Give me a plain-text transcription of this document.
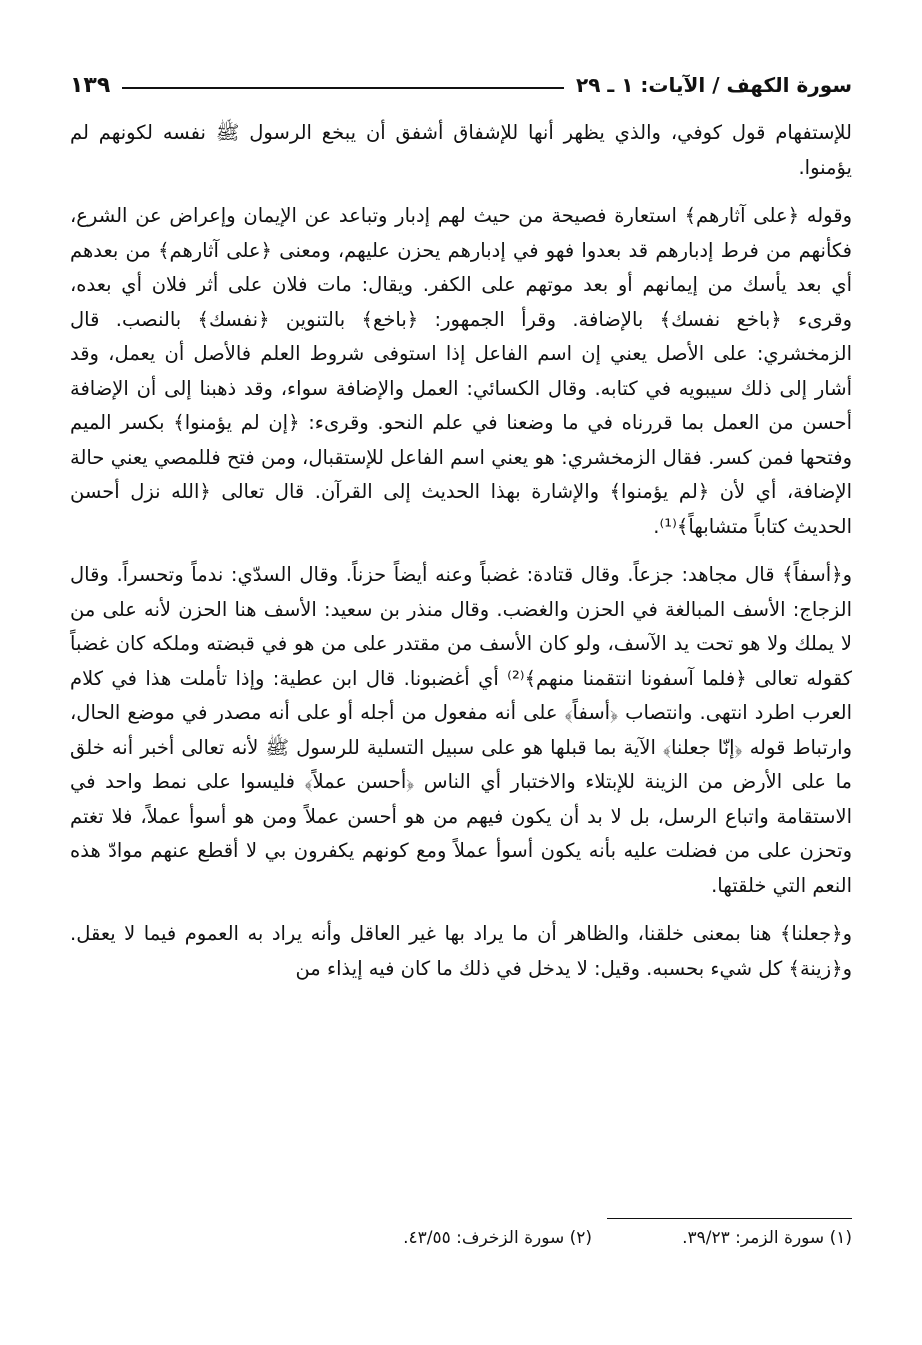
سورة الكهف / الآيات: ١ ـ ٢٩
١٣٩

للإستفهام قول كوفي، والذي يظهر أنها للإشفاق أشفق أن يبخع الرسول ﷺ نفسه لكونهم لم يؤمنوا.

وقوله ﴿على آثارهم﴾ استعارة فصيحة من حيث لهم إدبار وتباعد عن الإيمان وإعراض عن الشرع، فكأنهم من فرط إدبارهم قد بعدوا فهو في إدبارهم يحزن عليهم، ومعنى ﴿على آثارهم﴾ من بعدهم أي بعد يأسك من إيمانهم أو بعد موتهم على الكفر. ويقال: مات فلان على أثر فلان أي بعده، وقرىء ﴿باخع نفسك﴾ بالإضافة. وقرأ الجمهور: ﴿باخع﴾ بالتنوين ﴿نفسك﴾ بالنصب. قال الزمخشري: على الأصل يعني إن اسم الفاعل إذا استوفى شروط العلم فالأصل أن يعمل، وقد أشار إلى ذلك سيبويه في كتابه. وقال الكسائي: العمل والإضافة سواء، وقد ذهبنا إلى أن الإضافة أحسن من العمل بما قررناه في ما وضعنا في علم النحو. وقرىء: ﴿إن لم يؤمنوا﴾ بكسر الميم وفتحها فمن كسر. فقال الزمخشري: هو يعني اسم الفاعل للإستقبال، ومن فتح فللمصي يعني حالة الإضافة، أي لأن ﴿لم يؤمنوا﴾ والإشارة بهذا الحديث إلى القرآن. قال تعالى ﴿الله نزل أحسن الحديث كتاباً متشابهاً﴾⁽¹⁾.

و﴿أسفاً﴾ قال مجاهد: جزعاً. وقال قتادة: غضباً وعنه أيضاً حزناً. وقال السدّي: ندماً وتحسراً. وقال الزجاج: الأسف المبالغة في الحزن والغضب. وقال منذر بن سعيد: الأسف هنا الحزن لأنه على من لا يملك ولا هو تحت يد الآسف، ولو كان الأسف من مقتدر على من هو في قبضته وملكه كان غضباً كقوله تعالى ﴿فلما آسفونا انتقمنا منهم﴾⁽²⁾ أي أغضبونا. قال ابن عطية: وإذا تأملت هذا في كلام العرب اطرد انتهى. وانتصاب ﴿أسفاً﴾ على أنه مفعول من أجله أو على أنه مصدر في موضع الحال، وارتباط قوله ﴿إنّا جعلنا﴾ الآية بما قبلها هو على سبيل التسلية للرسول ﷺ لأنه تعالى أخبر أنه خلق ما على الأرض من الزينة للإبتلاء والاختبار أي الناس ﴿أحسن عملاً﴾ فليسوا على نمط واحد في الاستقامة واتباع الرسل، بل لا بد أن يكون فيهم من هو أحسن عملاً ومن هو أسوأ عملاً، فلا تغتم وتحزن على من فضلت عليه بأنه يكون أسوأ عملاً ومع كونهم يكفرون بي لا أقطع عنهم موادّ هذه النعم التي خلقتها.

و﴿جعلنا﴾ هنا بمعنى خلقنا، والظاهر أن ما يراد بها غير العاقل وأنه يراد به العموم فيما لا يعقل. و﴿زينة﴾ كل شيء بحسبه. وقيل: لا يدخل في ذلك ما كان فيه إيذاء من

(١) سورة الزمر: ٣٩/٢٣.
(٢) سورة الزخرف: ٤٣/٥٥.
